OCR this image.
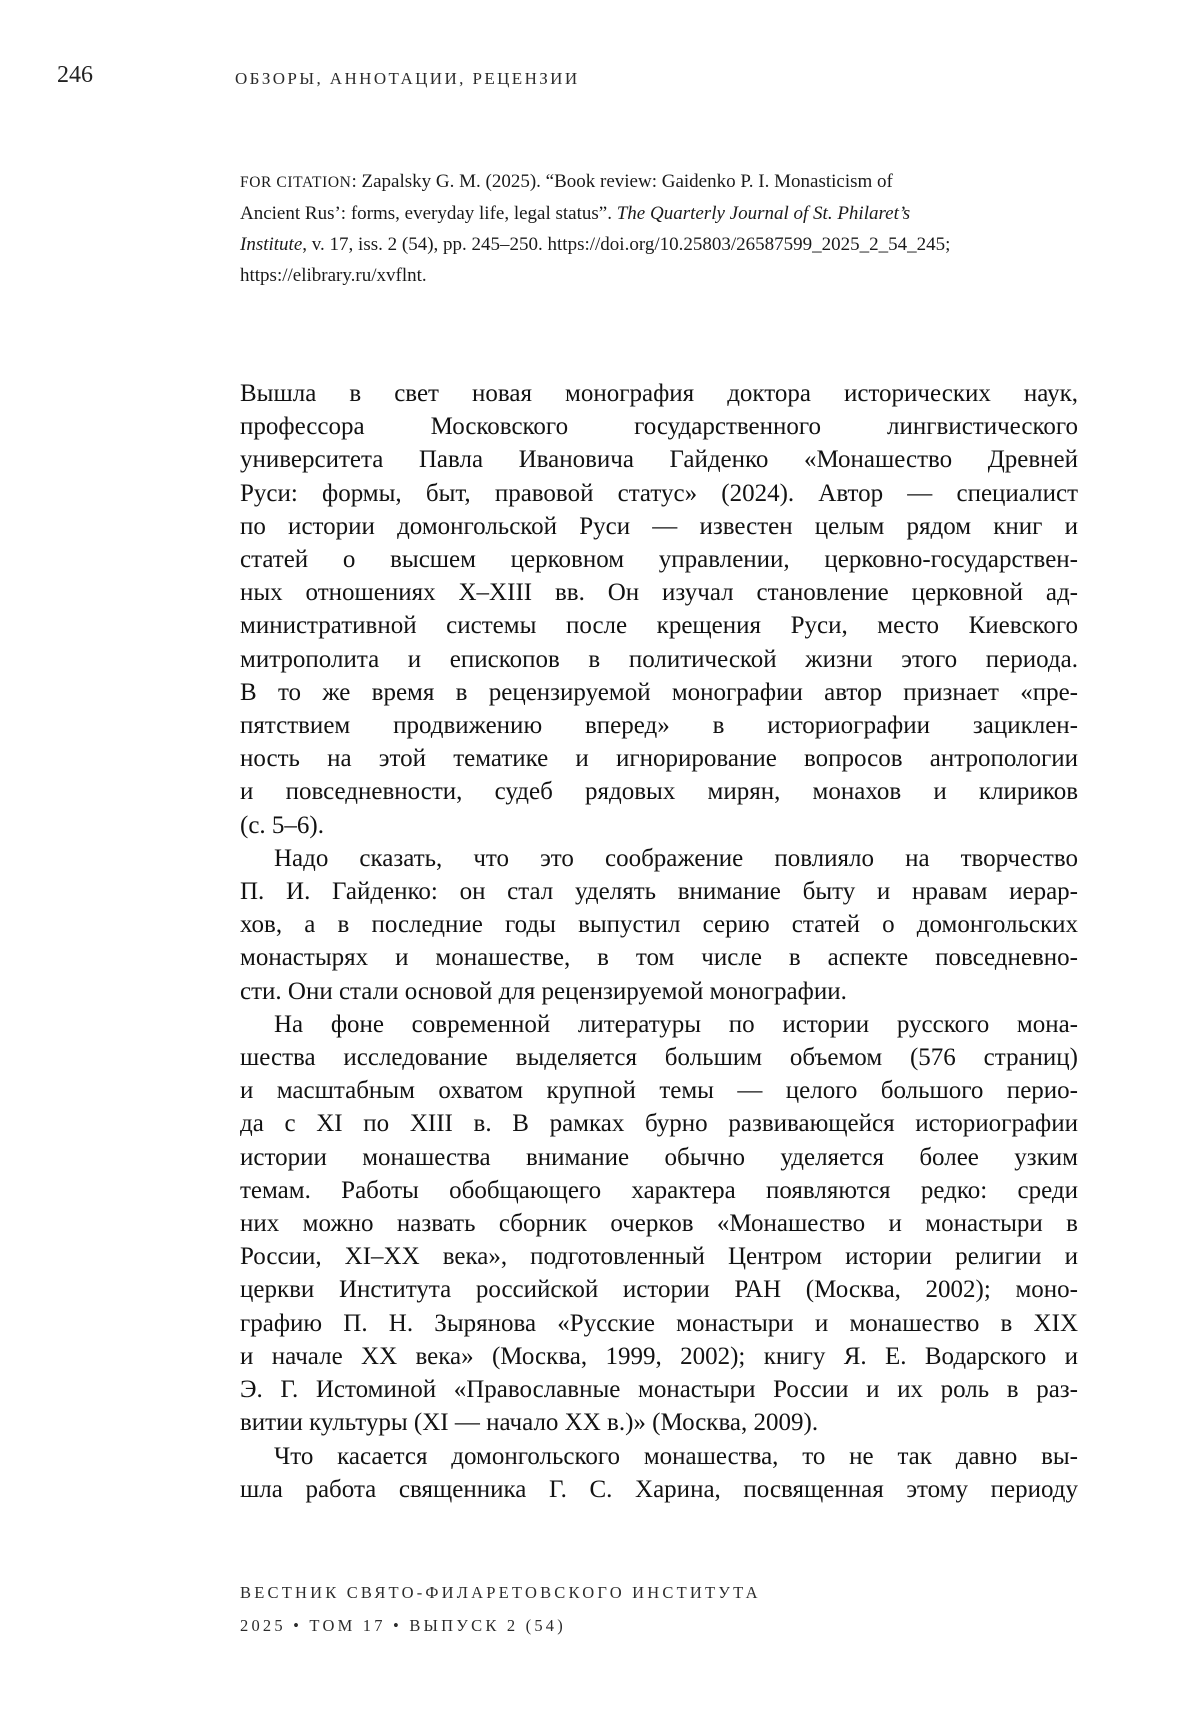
246	ОБЗОРЫ, АННОТАЦИИ, РЕЦЕНЗИИ
FOR CITATION: Zapalsky G. M. (2025). “Book review: Gaidenko P. I. Monasticism of Ancient Rus’: forms, everyday life, legal status”. The Quarterly Journal of St. Philaret’s Institute, v. 17, iss. 2 (54), pp. 245–250. https://doi.org/10.25803/26587599_2025_2_54_245; https://elibrary.ru/xvflnt.
Вышла в свет новая монография доктора исторических наук,
профессора Московского государственного лингвистического
университета Павла Ивановича Гайденко «Монашество Древней
Руси: формы, быт, правовой статус» (2024). Автор — специалист
по истории домонгольской Руси — известен целым рядом книг и
статей о высшем церковном управлении, церковно-государствен-
ных отношениях X–XIII вв. Он изучал становление церковной ад-
министративной системы после крещения Руси, место Киевского
митрополита и епископов в политической жизни этого периода.
В то же время в рецензируемой монографии автор признает «пре-
пятствием продвижению вперед» в историографии зациклен-
ность на этой тематике и игнорирование вопросов антропологии
и повседневности, судеб рядовых мирян, монахов и клириков
(с. 5–6).
Надо сказать, что это соображение повлияло на творчество
П. И. Гайденко: он стал уделять внимание быту и нравам иерар-
хов, а в последние годы выпустил серию статей о домонгольских
монастырях и монашестве, в том числе в аспекте повседневно-
сти. Они стали основой для рецензируемой монографии.
На фоне современной литературы по истории русского мона-
шества исследование выделяется большим объемом (576 страниц)
и масштабным охватом крупной темы — целого большого перио-
да с XI по XIII в. В рамках бурно развивающейся историографии
истории монашества внимание обычно уделяется более узким
темам. Работы обобщающего характера появляются редко: среди
них можно назвать сборник очерков «Монашество и монастыри в
России, XI–XX века», подготовленный Центром истории религии и
церкви Института российской истории РАН (Москва, 2002); моно-
графию П. Н. Зырянова «Русские монастыри и монашество в XIX
и начале XX века» (Москва, 1999, 2002); книгу Я. Е. Водарского и
Э. Г. Истоминой «Православные монастыри России и их роль в раз-
витии культуры (XI — начало XX в.)» (Москва, 2009).
Что касается домонгольского монашества, то не так давно вы-
шла работа священника Г. С. Харина, посвященная этому периоду
ВЕСТНИК СВЯТО-ФИЛАРЕТОВСКОГО ИНСТИТУТА
2025 • ТОМ 17 • ВЫПУСК 2 (54)
